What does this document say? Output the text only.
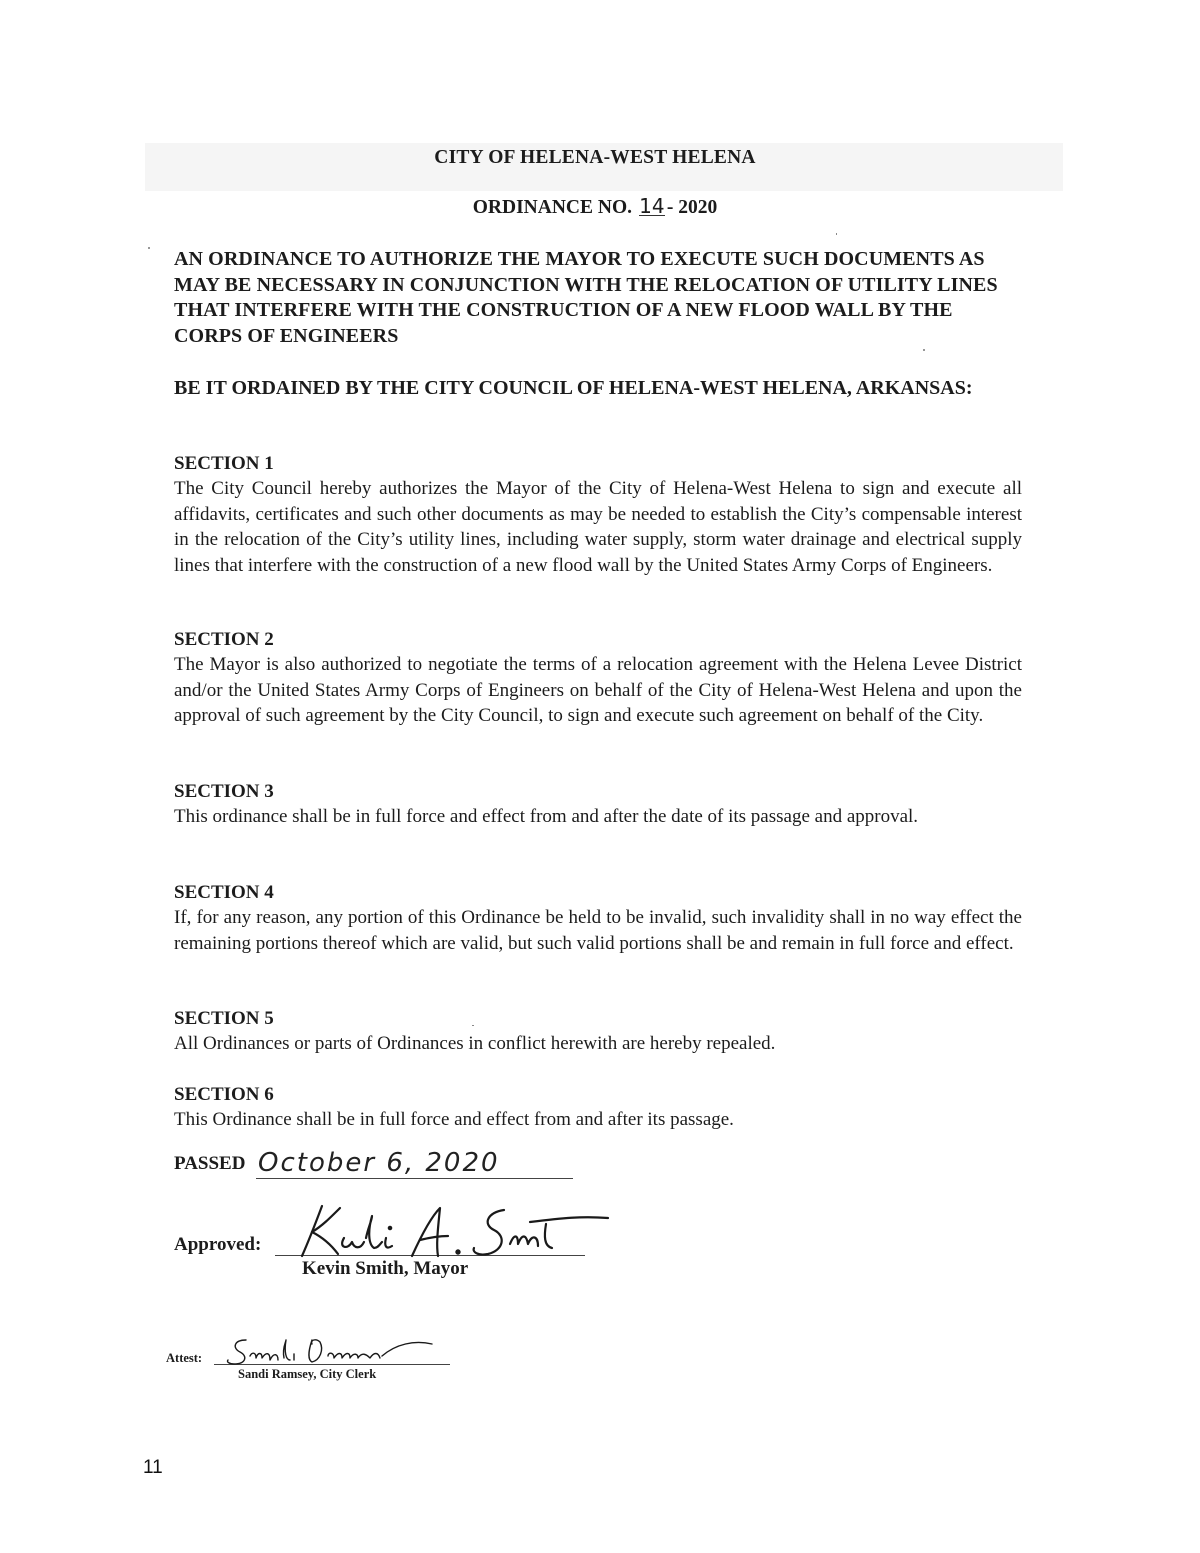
CITY OF HELENA-WEST HELENA
ORDINANCE NO. 14 - 2020
AN ORDINANCE TO AUTHORIZE THE MAYOR TO EXECUTE SUCH DOCUMENTS AS MAY BE NECESSARY IN CONJUNCTION WITH THE RELOCATION OF UTILITY LINES THAT INTERFERE WITH THE CONSTRUCTION OF A NEW FLOOD WALL BY THE CORPS OF ENGINEERS
BE IT ORDAINED BY THE CITY COUNCIL OF HELENA-WEST HELENA, ARKANSAS:
SECTION 1
The City Council hereby authorizes the Mayor of the City of Helena-West Helena to sign and execute all affidavits, certificates and such other documents as may be needed to establish the City’s compensable interest in the relocation of the City’s utility lines, including water supply, storm water drainage and electrical supply lines that interfere with the construction of a new flood wall by the United States Army Corps of Engineers.
SECTION 2
The Mayor is also authorized to negotiate the terms of a relocation agreement with the Helena Levee District and/or the United States Army Corps of Engineers on behalf of the City of Helena-West Helena and upon the approval of such agreement by the City Council, to sign and execute such agreement on behalf of the City.
SECTION 3
This ordinance shall be in full force and effect from and after the date of its passage and approval.
SECTION 4
If, for any reason, any portion of this Ordinance be held to be invalid, such invalidity shall in no way effect the remaining portions thereof which are valid, but such valid portions shall be and remain in full force and effect.
SECTION 5
All Ordinances or parts of Ordinances in conflict herewith are hereby repealed.
SECTION 6
This Ordinance shall be in full force and effect from and after its passage.
PASSED October 6, 2020
Approved:
Kevin Smith, Mayor
Attest:
Sandi Ramsey, City Clerk
11
